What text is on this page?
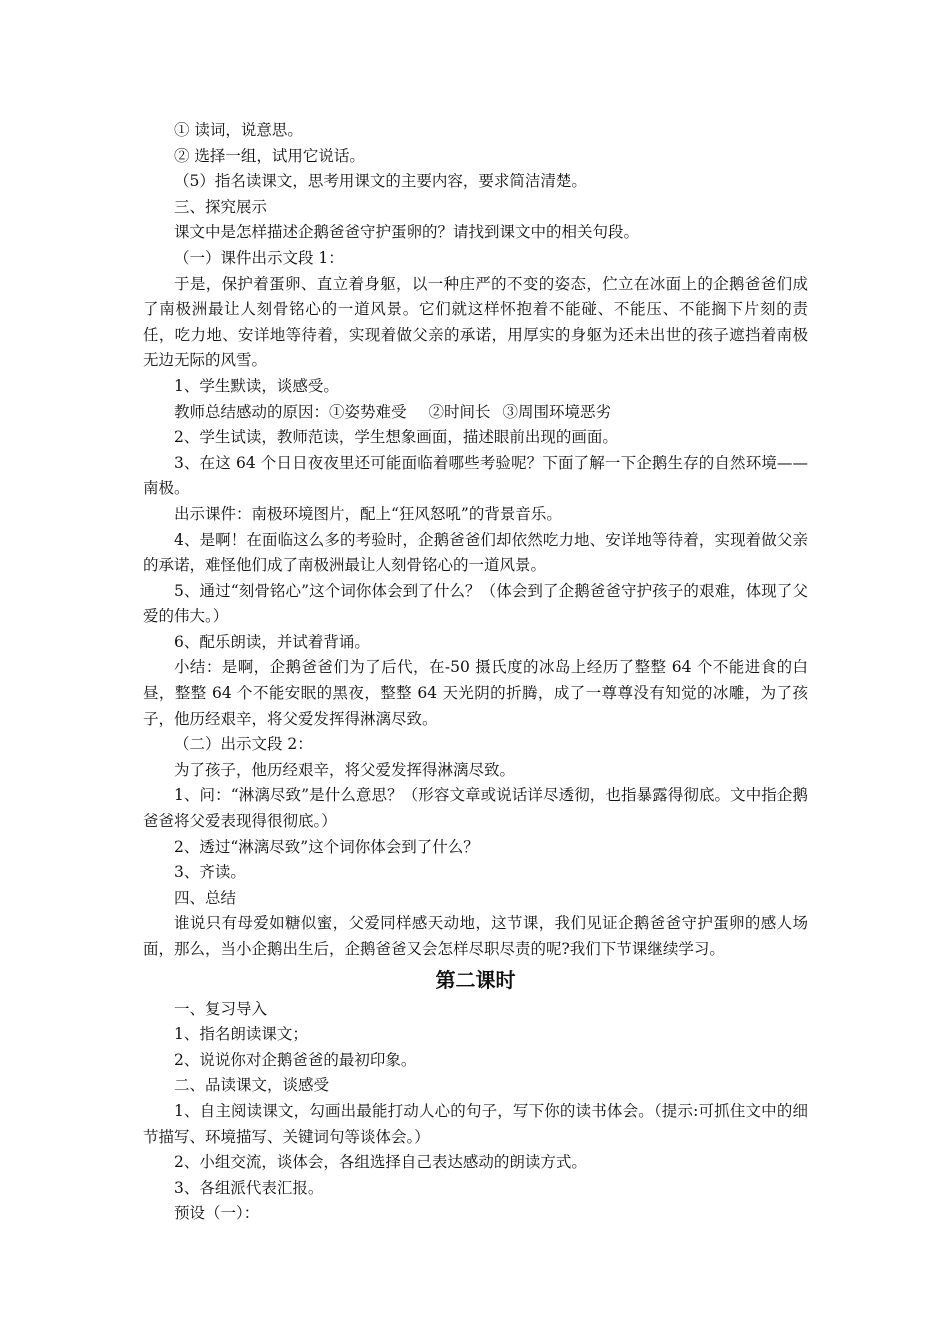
① 读词，说意思。

② 选择一组，试用它说话。

（5）指名读课文，思考用课文的主要内容，要求简洁清楚。

三、探究展示

课文中是怎样描述企鹅爸爸守护蛋卵的？请找到课文中的相关句段。

（一）课件出示文段 1：

于是，保护着蛋卵、直立着身躯，以一种庄严的不变的姿态，伫立在冰面上的企鹅爸爸们成了南极洲最让人刻骨铭心的一道风景。它们就这样怀抱着不能碰、不能压、不能搁下片刻的责任，吃力地、安详地等待着，实现着做父亲的承诺，用厚实的身躯为还未出世的孩子遮挡着南极无边无际的风雪。

1、学生默读，谈感受。

教师总结感动的原因：①姿势难受 ②时间长 ③周围环境恶劣

2、学生试读，教师范读，学生想象画面，描述眼前出现的画面。

3、在这 64 个日日夜夜里还可能面临着哪些考验呢？下面了解一下企鹅生存的自然环境——南极。

出示课件：南极环境图片，配上“狂风怒吼”的背景音乐。

4、是啊！在面临这么多的考验时，企鹅爸爸们却依然吃力地、安详地等待着，实现着做父亲的承诺，难怪他们成了南极洲最让人刻骨铭心的一道风景。

5、通过“刻骨铭心”这个词你体会到了什么？（体会到了企鹅爸爸守护孩子的艰难，体现了父爱的伟大。）

6、配乐朗读，并试着背诵。

小结：是啊，企鹅爸爸们为了后代，在-50 摄氏度的冰岛上经历了整整 64 个不能进食的白昼，整整 64 个不能安眠的黑夜，整整 64 天光阴的折腾，成了一尊尊没有知觉的冰雕，为了孩子，他历经艰辛，将父爱发挥得淋漓尽致。

（二）出示文段 2：

为了孩子，他历经艰辛，将父爱发挥得淋漓尽致。

1、问：“淋漓尽致”是什么意思？（形容文章或说话详尽透彻，也指暴露得彻底。文中指企鹅爸爸将父爱表现得很彻底。）

2、透过“淋漓尽致”这个词你体会到了什么？

3、齐读。

四、总结

谁说只有母爱如糖似蜜，父爱同样感天动地，这节课，我们见证企鹅爸爸守护蛋卵的感人场面，那么，当小企鹅出生后，企鹅爸爸又会怎样尽职尽责的呢?我们下节课继续学习。

第二课时

一、复习导入

1、指名朗读课文；

2、说说你对企鹅爸爸的最初印象。

二、品读课文，谈感受

1、自主阅读课文，勾画出最能打动人心的句子，写下你的读书体会。（提示:可抓住文中的细节描写、环境描写、关键词句等谈体会。）

2、小组交流，谈体会，各组选择自己表达感动的朗读方式。

3、各组派代表汇报。

预设（一）：
